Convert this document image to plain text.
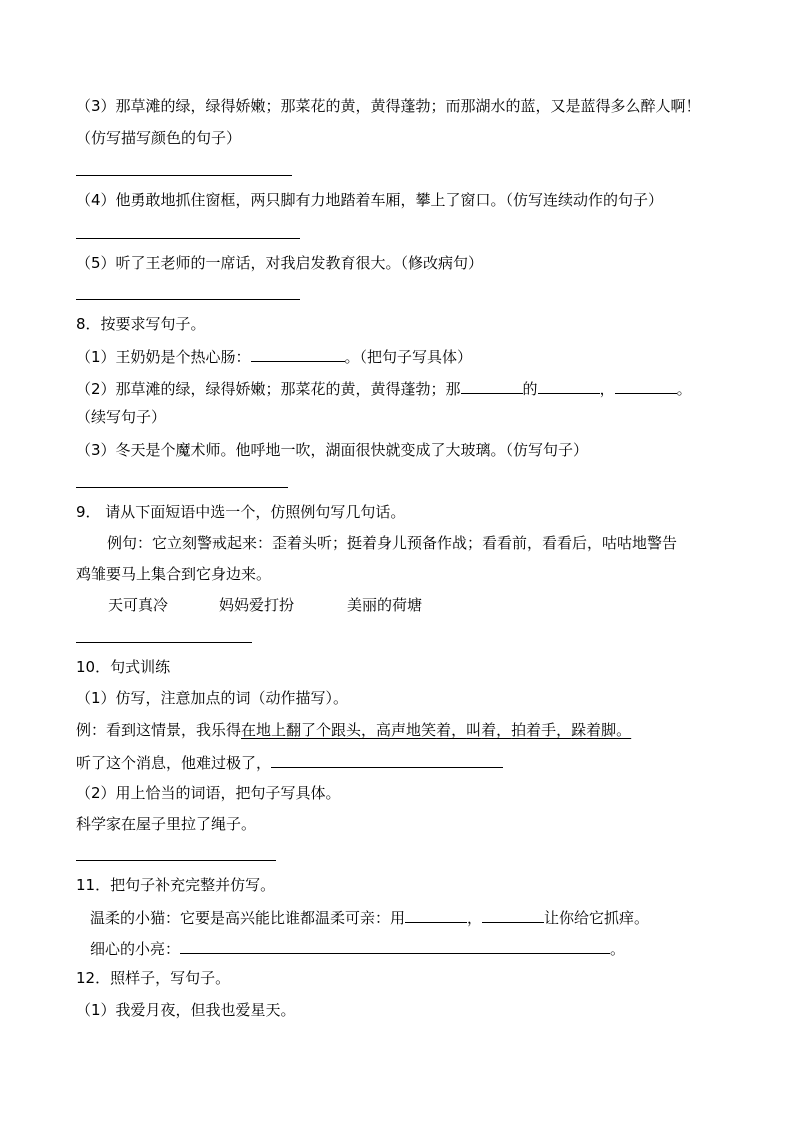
（3）那草滩的绿，绿得娇嫩；那菜花的黄，黄得蓬勃；而那湖水的蓝，又是蓝得多么醉人啊！
（仿写描写颜色的句子）
（4）他勇敢地抓住窗框，两只脚有力地踏着车厢，攀上了窗口。（仿写连续动作的句子）
（5）听了王老师的一席话，对我启发教育很大。（修改病句）
8．按要求写句子。
（1）王奶奶是个热心肠：	。（把句子写具体）
（2）那草滩的绿，绿得娇嫩；那菜花的黄，黄得蓬勃；那	的	，	。
（续写句子）
（3）冬天是个魔术师。他呼地一吹，湖面很快就变成了大玻璃。（仿写句子）
9． 请从下面短语中选一个，仿照例句写几句话。
例句：它立刻警戒起来：歪着头听；挺着身儿预备作战；看看前，看看后，咕咕地警告
鸡雏要马上集合到它身边来。
天可真冷	妈妈爱打扮	美丽的荷塘
10．句式训练
（1）仿写，注意加点的词（动作描写）。
例：看到这情景，我乐得在地上翻了个跟头，高声地笑着，叫着，拍着手，跺着脚。
听了这个消息，他难过极了，
（2）用上恰当的词语，把句子写具体。
科学家在屋子里拉了绳子。
11．把句子补充完整并仿写。
温柔的小猫：它要是高兴能比谁都温柔可亲：用	，	让你给它抓痒。
细心的小亮：	。
12．照样子，写句子。
（1）我爱月夜，但我也爱星天。
